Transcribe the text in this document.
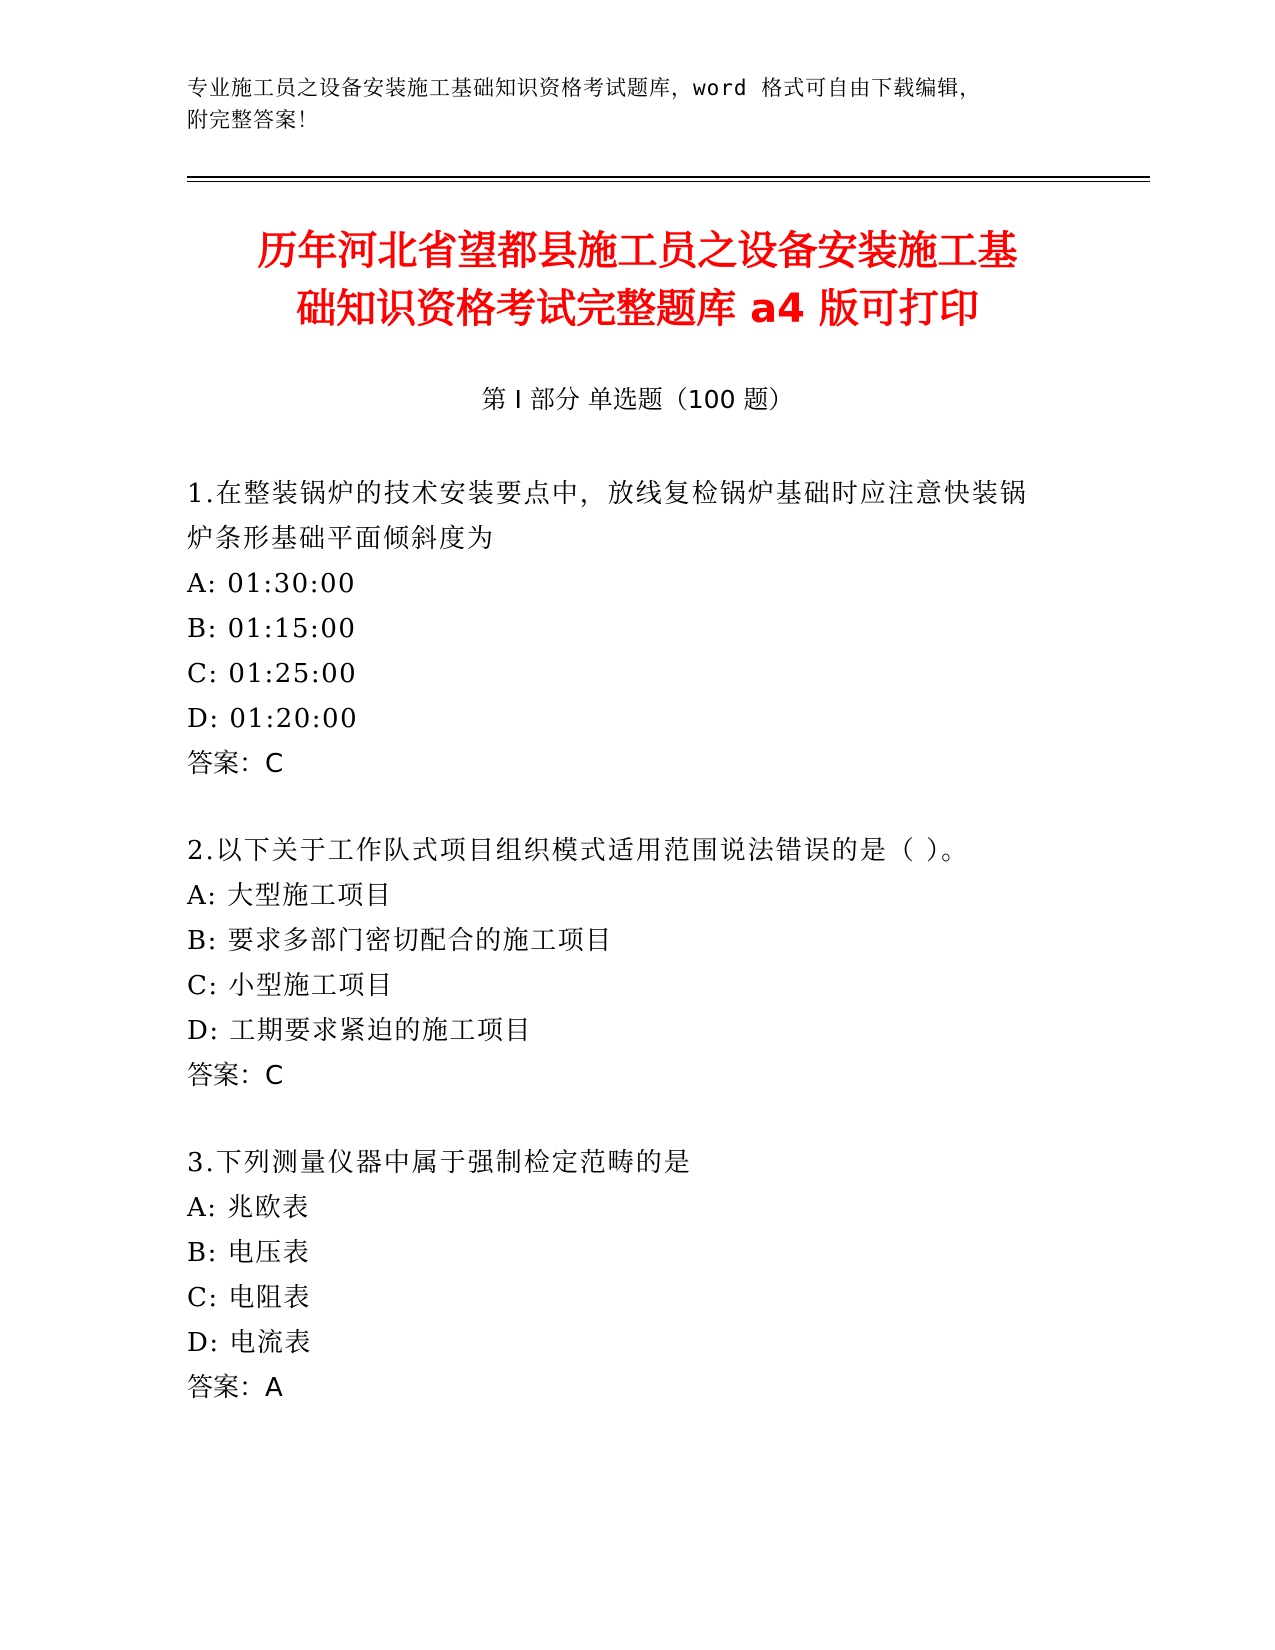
专业施工员之设备安装施工基础知识资格考试题库，word 格式可自由下载编辑，
附完整答案！
历年河北省望都县施工员之设备安装施工基
础知识资格考试完整题库 a4 版可打印
第 I 部分 单选题（100 题）
1.在整装锅炉的技术安装要点中，放线复检锅炉基础时应注意快装锅
炉条形基础平面倾斜度为
A: 01:30:00
B: 01:15:00
C: 01:25:00
D: 01:20:00
答案：C
2.以下关于工作队式项目组织模式适用范围说法错误的是（ ）。
A: 大型施工项目
B: 要求多部门密切配合的施工项目
C: 小型施工项目
D: 工期要求紧迫的施工项目
答案：C
3.下列测量仪器中属于强制检定范畴的是
A: 兆欧表
B: 电压表
C: 电阻表
D: 电流表
答案：A
